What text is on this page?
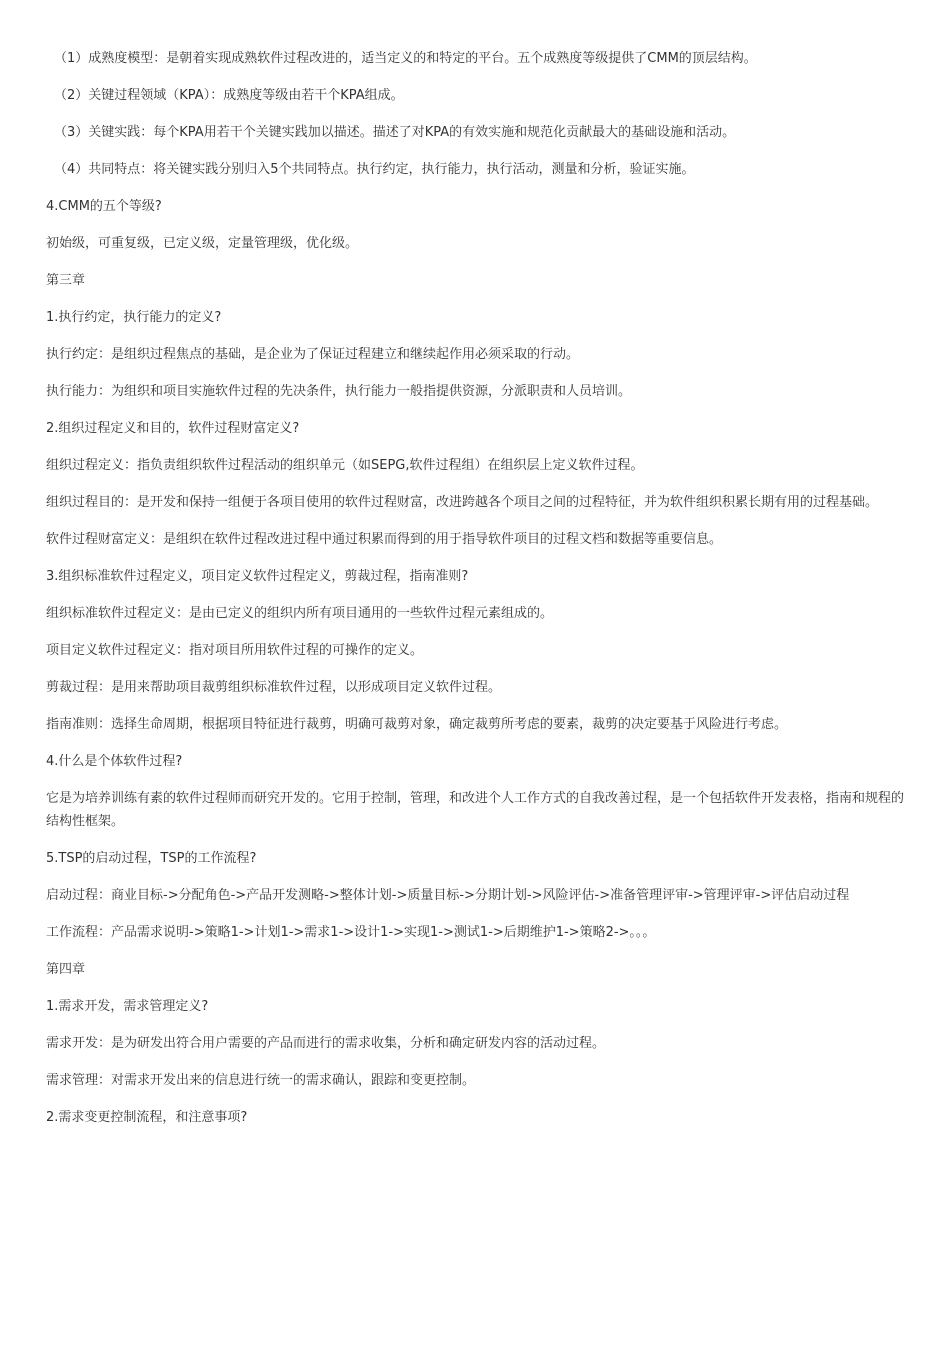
（1）成熟度模型：是朝着实现成熟软件过程改进的，适当定义的和特定的平台。五个成熟度等级提供了CMM的顶层结构。

（2）关键过程领域（KPA）：成熟度等级由若干个KPA组成。

（3）关键实践：每个KPA用若干个关键实践加以描述。描述了对KPA的有效实施和规范化贡献最大的基础设施和活动。

（4）共同特点：将关键实践分别归入5个共同特点。执行约定，执行能力，执行活动，测量和分析，验证实施。

4.CMM的五个等级?

初始级，可重复级，已定义级，定量管理级，优化级。

第三章

1.执行约定，执行能力的定义?

执行约定：是组织过程焦点的基础，是企业为了保证过程建立和继续起作用必须采取的行动。

执行能力：为组织和项目实施软件过程的先决条件，执行能力一般指提供资源，分派职责和人员培训。

2.组织过程定义和目的，软件过程财富定义?

组织过程定义：指负责组织软件过程活动的组织单元（如SEPG,软件过程组）在组织层上定义软件过程。

组织过程目的：是开发和保持一组便于各项目使用的软件过程财富，改进跨越各个项目之间的过程特征，并为软件组织积累长期有用的过程基础。

软件过程财富定义：是组织在软件过程改进过程中通过积累而得到的用于指导软件项目的过程文档和数据等重要信息。

3.组织标准软件过程定义，项目定义软件过程定义，剪裁过程，指南准则?

组织标准软件过程定义：是由已定义的组织内所有项目通用的一些软件过程元素组成的。

项目定义软件过程定义：指对项目所用软件过程的可操作的定义。

剪裁过程：是用来帮助项目裁剪组织标准软件过程，以形成项目定义软件过程。

指南准则：选择生命周期，根据项目特征进行裁剪，明确可裁剪对象，确定裁剪所考虑的要素，裁剪的决定要基于风险进行考虑。

4.什么是个体软件过程?

它是为培养训练有素的软件过程师而研究开发的。它用于控制，管理，和改进个人工作方式的自我改善过程，是一个包括软件开发表格，指南和规程的结构性框架。

5.TSP的启动过程，TSP的工作流程?

启动过程：商业目标->分配角色->产品开发测略->整体计划->质量目标->分期计划->风险评估->准备管理评审->管理评审->评估启动过程

工作流程：产品需求说明->策略1->计划1->需求1->设计1->实现1->测试1->后期维护1->策略2->。。。

第四章

1.需求开发，需求管理定义?

需求开发：是为研发出符合用户需要的产品而进行的需求收集，分析和确定研发内容的活动过程。

需求管理：对需求开发出来的信息进行统一的需求确认，跟踪和变更控制。

2.需求变更控制流程，和注意事项?
